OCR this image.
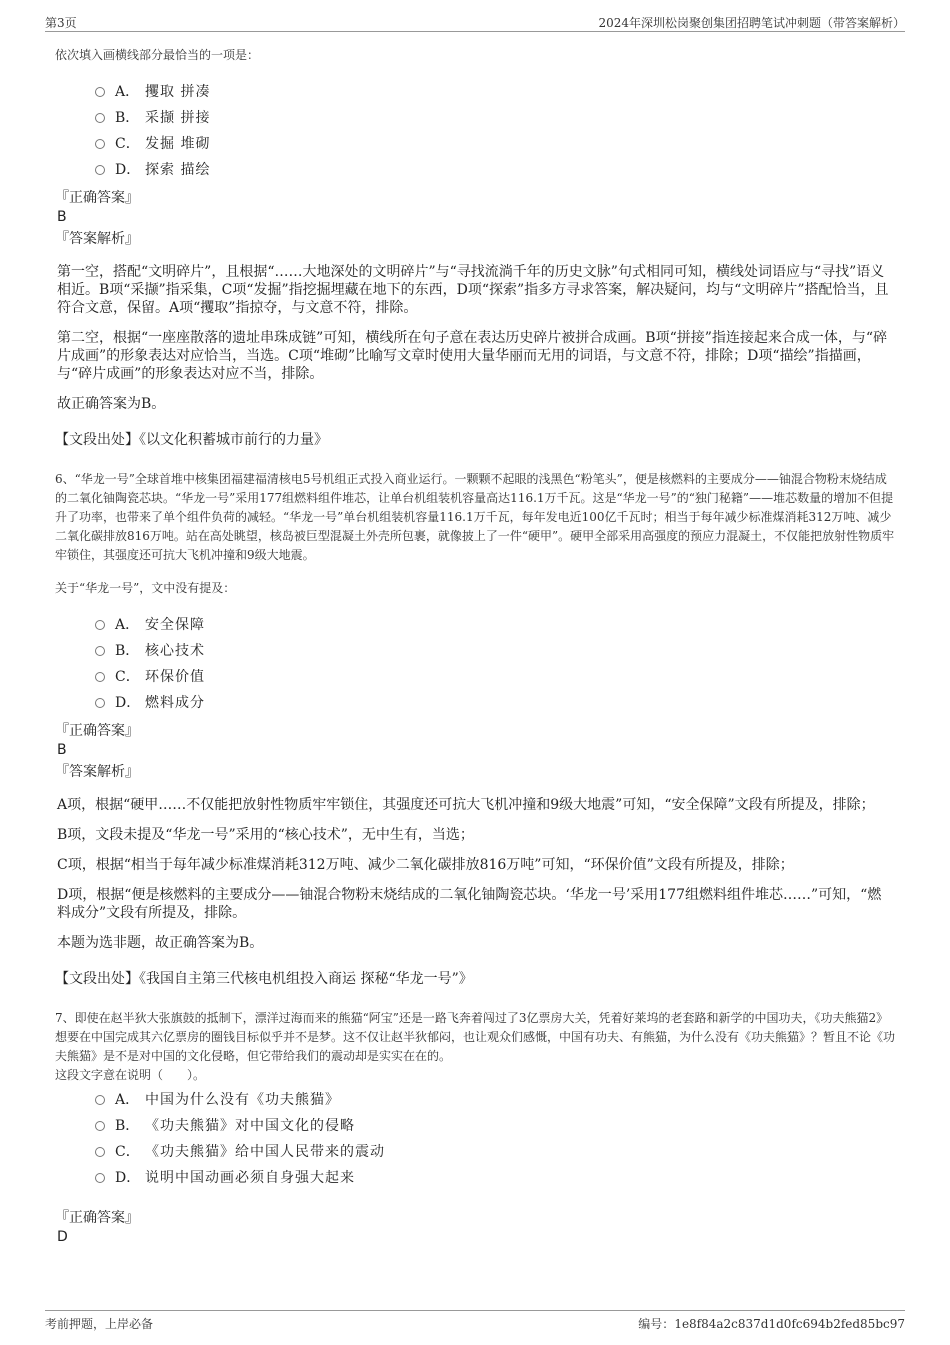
第3页	2024年深圳松岗聚创集团招聘笔试冲刺题（带答案解析）
依次填入画横线部分最恰当的一项是：
A． 攫取 拼凑
B． 采撷 拼接
C． 发掘 堆砌
D． 探索 描绘
『正确答案』
B
『答案解析』

第一空，搭配“文明碎片”，且根据“……大地深处的文明碎片”与“寻找流淌千年的历史文脉”句式相同可知，横线处词语应与“寻找”语义相近。B项“采撷”指采集，C项“发掘”指挖掘埋藏在地下的东西，D项“探索”指多方寻求答案，解决疑问，均与“文明碎片”搭配恰当，且符合文意，保留。A项“攫取”指掠夺，与文意不符，排除。

第二空，根据“一座座散落的遗址串珠成链”可知，横线所在句子意在表达历史碎片被拼合成画。B项“拼接”指连接起来合成一体，与“碎片成画”的形象表达对应恰当，当选。C项“堆砌”比喻写文章时使用大量华丽而无用的词语，与文意不符，排除；D项“描绘”指描画，与“碎片成画”的形象表达对应不当，排除。

故正确答案为B。

【文段出处】《以文化积蓄城市前行的力量》
6、“华龙一号”全球首堆中核集团福建福清核电5号机组正式投入商业运行。一颗颗不起眼的浅黑色“粉笔头”，便是核燃料的主要成分——铀混合物粉末烧结成的二氧化铀陶瓷芯块。“华龙一号”采用177组燃料组件堆芯，让单台机组装机容量高达116.1万千瓦。这是“华龙一号”的“独门秘籍”——堆芯数量的增加不但提升了功率，也带来了单个组件负荷的减轻。“华龙一号”单台机组装机容量116.1万千瓦，每年发电近100亿千瓦时；相当于每年减少标准煤消耗312万吨、减少二氧化碳排放816万吨。站在高处眺望，核岛被巨型混凝土外壳所包裹，就像披上了一件“硬甲”。硬甲全部采用高强度的预应力混凝土，不仅能把放射性物质牢牢锁住，其强度还可抗大飞机冲撞和9级大地震。
关于“华龙一号”，文中没有提及：
A． 安全保障
B． 核心技术
C． 环保价值
D． 燃料成分
『正确答案』
B
『答案解析』

A项，根据“硬甲……不仅能把放射性物质牢牢锁住，其强度还可抗大飞机冲撞和9级大地震”可知，“安全保障”文段有所提及，排除；

B项，文段未提及“华龙一号”采用的“核心技术”，无中生有，当选；

C项，根据“相当于每年减少标准煤消耗312万吨、减少二氧化碳排放816万吨”可知，“环保价值”文段有所提及，排除；

D项，根据“便是核燃料的主要成分——铀混合物粉末烧结成的二氧化铀陶瓷芯块。‘华龙一号’采用177组燃料组件堆芯……”可知，“燃料成分”文段有所提及，排除。

本题为选非题，故正确答案为B。

【文段出处】《我国自主第三代核电机组投入商运 探秘“华龙一号”》
7、即使在赵半狄大张旗鼓的抵制下，漂洋过海而来的熊猫“阿宝”还是一路飞奔着闯过了3亿票房大关，凭着好莱坞的老套路和新学的中国功夫，《功夫熊猫2》想要在中国完成其六亿票房的圈钱目标似乎并不是梦。这不仅让赵半狄郁闷，也让观众们感慨，中国有功夫、有熊猫，为什么没有《功夫熊猫》？暂且不论《功夫熊猫》是不是对中国的文化侵略，但它带给我们的震动却是实实在在的。
这段文字意在说明（　　）。
A． 中国为什么没有《功夫熊猫》
B． 《功夫熊猫》对中国文化的侵略
C． 《功夫熊猫》给中国人民带来的震动
D． 说明中国动画必须自身强大起来
『正确答案』
D
考前押题，上岸必备	编号：1e8f84a2c837d1d0fc694b2fed85bc97
